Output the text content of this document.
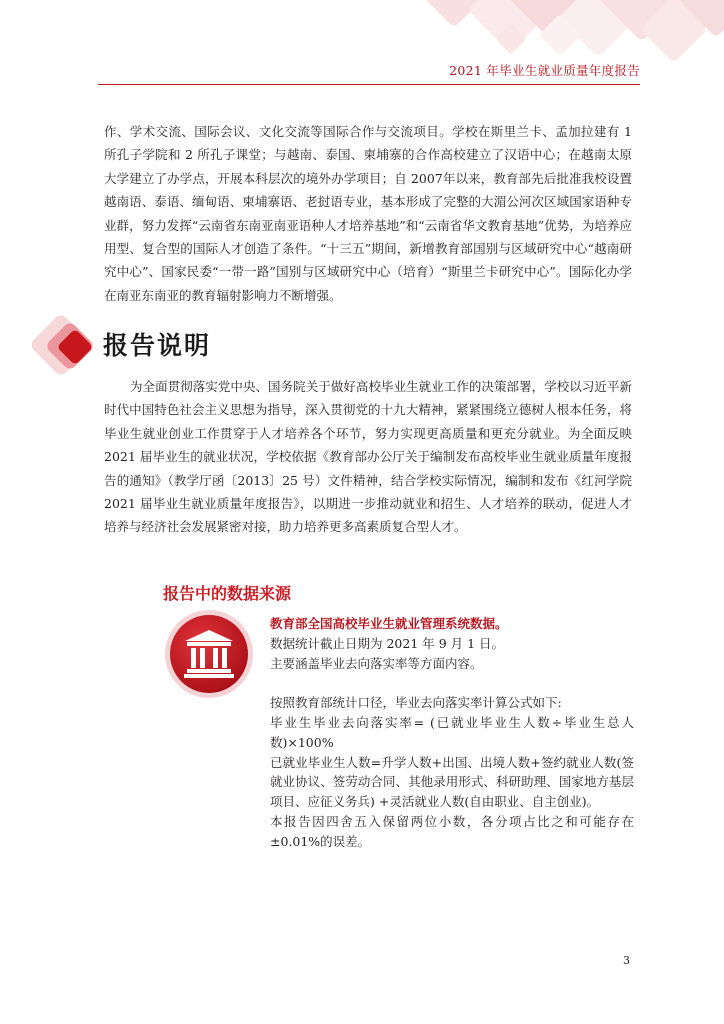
2021 年毕业生就业质量年度报告

作、学术交流、国际会议、文化交流等国际合作与交流项目。学校在斯里兰卡、孟加拉建有 1 所孔子学院和 2 所孔子课堂；与越南、泰国、柬埔寨的合作高校建立了汉语中心；在越南太原大学建立了办学点，开展本科层次的境外办学项目；自 2007年以来，教育部先后批准我校设置越南语、泰语、缅甸语、柬埔寨语、老挝语专业，基本形成了完整的大湄公河次区域国家语种专业群，努力发挥“云南省东南亚南亚语种人才培养基地”和“云南省华文教育基地”优势，为培养应用型、复合型的国际人才创造了条件。“十三五”期间，新增教育部国别与区域研究中心“越南研究中心”、国家民委“一带一路”国别与区域研究中心（培育）“斯里兰卡研究中心”。国际化办学在南亚东南亚的教育辐射影响力不断增强。

报告说明

为全面贯彻落实党中央、国务院关于做好高校毕业生就业工作的决策部署，学校以习近平新时代中国特色社会主义思想为指导，深入贯彻党的十九大精神，紧紧围绕立德树人根本任务，将毕业生就业创业工作贯穿于人才培养各个环节，努力实现更高质量和更充分就业。为全面反映 2021 届毕业生的就业状况，学校依据《教育部办公厅关于编制发布高校毕业生就业质量年度报告的通知》（教学厅函〔2013〕25 号）文件精神，结合学校实际情况，编制和发布《红河学院 2021 届毕业生就业质量年度报告》，以期进一步推动就业和招生、人才培养的联动，促进人才培养与经济社会发展紧密对接，助力培养更多高素质复合型人才。

报告中的数据来源

教育部全国高校毕业生就业管理系统数据。

数据统计截止日期为 2021 年 9 月 1 日。

主要涵盖毕业去向落实率等方面内容。

按照教育部统计口径，毕业去向落实率计算公式如下:

毕业生毕业去向落实率= (已就业毕业生人数÷毕业生总人数)×100%

已就业毕业生人数=升学人数+出国、出境人数+签约就业人数(签就业协议、签劳动合同、其他录用形式、科研助理、国家地方基层项目、应征义务兵) +灵活就业人数(自由职业、自主创业)。

本报告因四舍五入保留两位小数，各分项占比之和可能存在±0.01%的误差。

3
